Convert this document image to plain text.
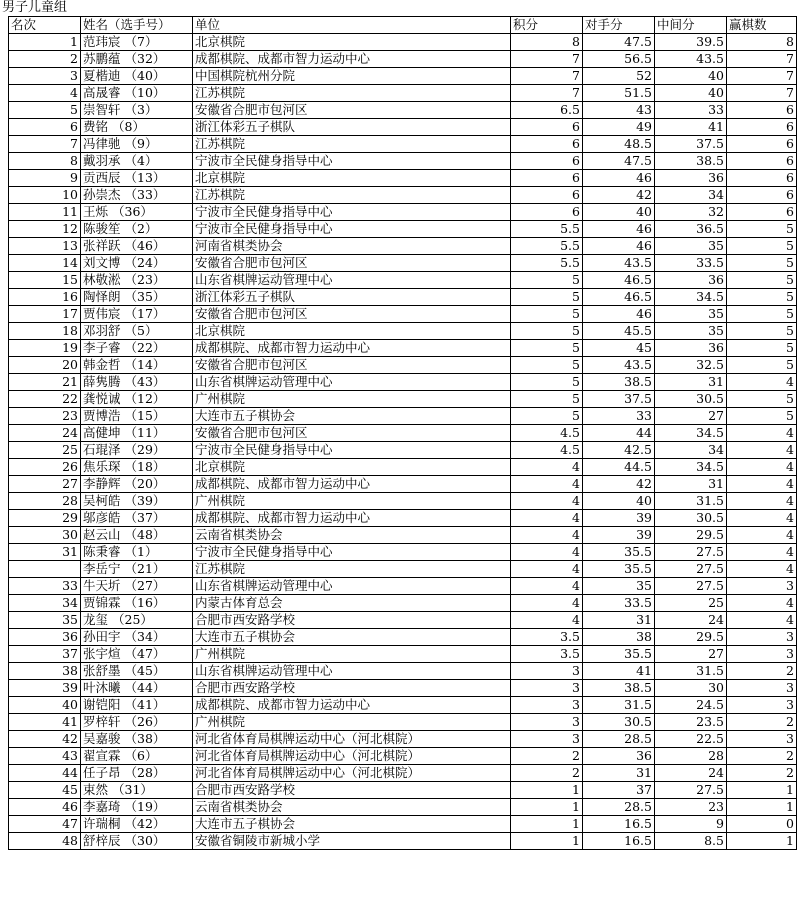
男子儿童组
名次	姓名（选手号）	单位	积分	对手分	中间分	赢棋数
1	范玮宸 （7）	北京棋院	8	47.5	39.5	8
2	苏鹏蕴 （32）	成都棋院、成都市智力运动中心	7	56.5	43.5	7
3	夏楷迪 （40）	中国棋院杭州分院	7	52	40	7
4	高晟睿 （10）	江苏棋院	7	51.5	40	7
5	崇智轩 （3）	安徽省合肥市包河区	6.5	43	33	6
6	费铭 （8）	浙江体彩五子棋队	6	49	41	6
7	冯律驰 （9）	江苏棋院	6	48.5	37.5	6
8	戴羽承 （4）	宁波市全民健身指导中心	6	47.5	38.5	6
9	贡西辰 （13）	北京棋院	6	46	36	6
10	孙崇杰 （33）	江苏棋院	6	42	34	6
11	王烁 （36）	宁波市全民健身指导中心	6	40	32	6
12	陈骏笙 （2）	宁波市全民健身指导中心	5.5	46	36.5	5
13	张祥跃 （46）	河南省棋类协会	5.5	46	35	5
14	刘文博 （24）	安徽省合肥市包河区	5.5	43.5	33.5	5
15	林敬淞 （23）	山东省棋牌运动管理中心	5	46.5	36	5
16	陶怿朗 （35）	浙江体彩五子棋队	5	46.5	34.5	5
17	贾伟宸 （17）	安徽省合肥市包河区	5	46	35	5
18	邓羽舒 （5）	北京棋院	5	45.5	35	5
19	李子睿 （22）	成都棋院、成都市智力运动中心	5	45	36	5
20	韩金哲 （14）	安徽省合肥市包河区	5	43.5	32.5	5
21	薛隽腾 （43）	山东省棋牌运动管理中心	5	38.5	31	4
22	龚悦诚 （12）	广州棋院	5	37.5	30.5	5
23	贾博浩 （15）	大连市五子棋协会	5	33	27	5
24	高健坤 （11）	安徽省合肥市包河区	4.5	44	34.5	4
25	石琨泽 （29）	宁波市全民健身指导中心	4.5	42.5	34	4
26	焦乐琛 （18）	北京棋院	4	44.5	34.5	4
27	李静辉 （20）	成都棋院、成都市智力运动中心	4	42	31	4
28	吴柯皓 （39）	广州棋院	4	40	31.5	4
29	邬彦皓 （37）	成都棋院、成都市智力运动中心	4	39	30.5	4
30	赵云山 （48）	云南省棋类协会	4	39	29.5	4
31	陈秉睿 （1）	宁波市全民健身指导中心	4	35.5	27.5	4
	李岳宁 （21）	江苏棋院	4	35.5	27.5	4
33	牛天圻 （27）	山东省棋牌运动管理中心	4	35	27.5	3
34	贾锦霖 （16）	内蒙古体育总会	4	33.5	25	4
35	龙玺 （25）	合肥市西安路学校	4	31	24	4
36	孙田宇 （34）	大连市五子棋协会	3.5	38	29.5	3
37	张宇煊 （47）	广州棋院	3.5	35.5	27	3
38	张舒墨 （45）	山东省棋牌运动管理中心	3	41	31.5	2
39	叶沐曦 （44）	合肥市西安路学校	3	38.5	30	3
40	谢铠阳 （41）	成都棋院、成都市智力运动中心	3	31.5	24.5	3
41	罗梓轩 （26）	广州棋院	3	30.5	23.5	2
42	吴嘉骏 （38）	河北省体育局棋牌运动中心（河北棋院）	3	28.5	22.5	3
43	翟宣霖 （6）	河北省体育局棋牌运动中心（河北棋院）	2	36	28	2
44	任子昂 （28）	河北省体育局棋牌运动中心（河北棋院）	2	31	24	2
45	束然 （31）	合肥市西安路学校	1	37	27.5	1
46	李嘉琦 （19）	云南省棋类协会	1	28.5	23	1
47	许瑞桐 （42）	大连市五子棋协会	1	16.5	9	0
48	舒梓辰 （30）	安徽省铜陵市新城小学	1	16.5	8.5	1
